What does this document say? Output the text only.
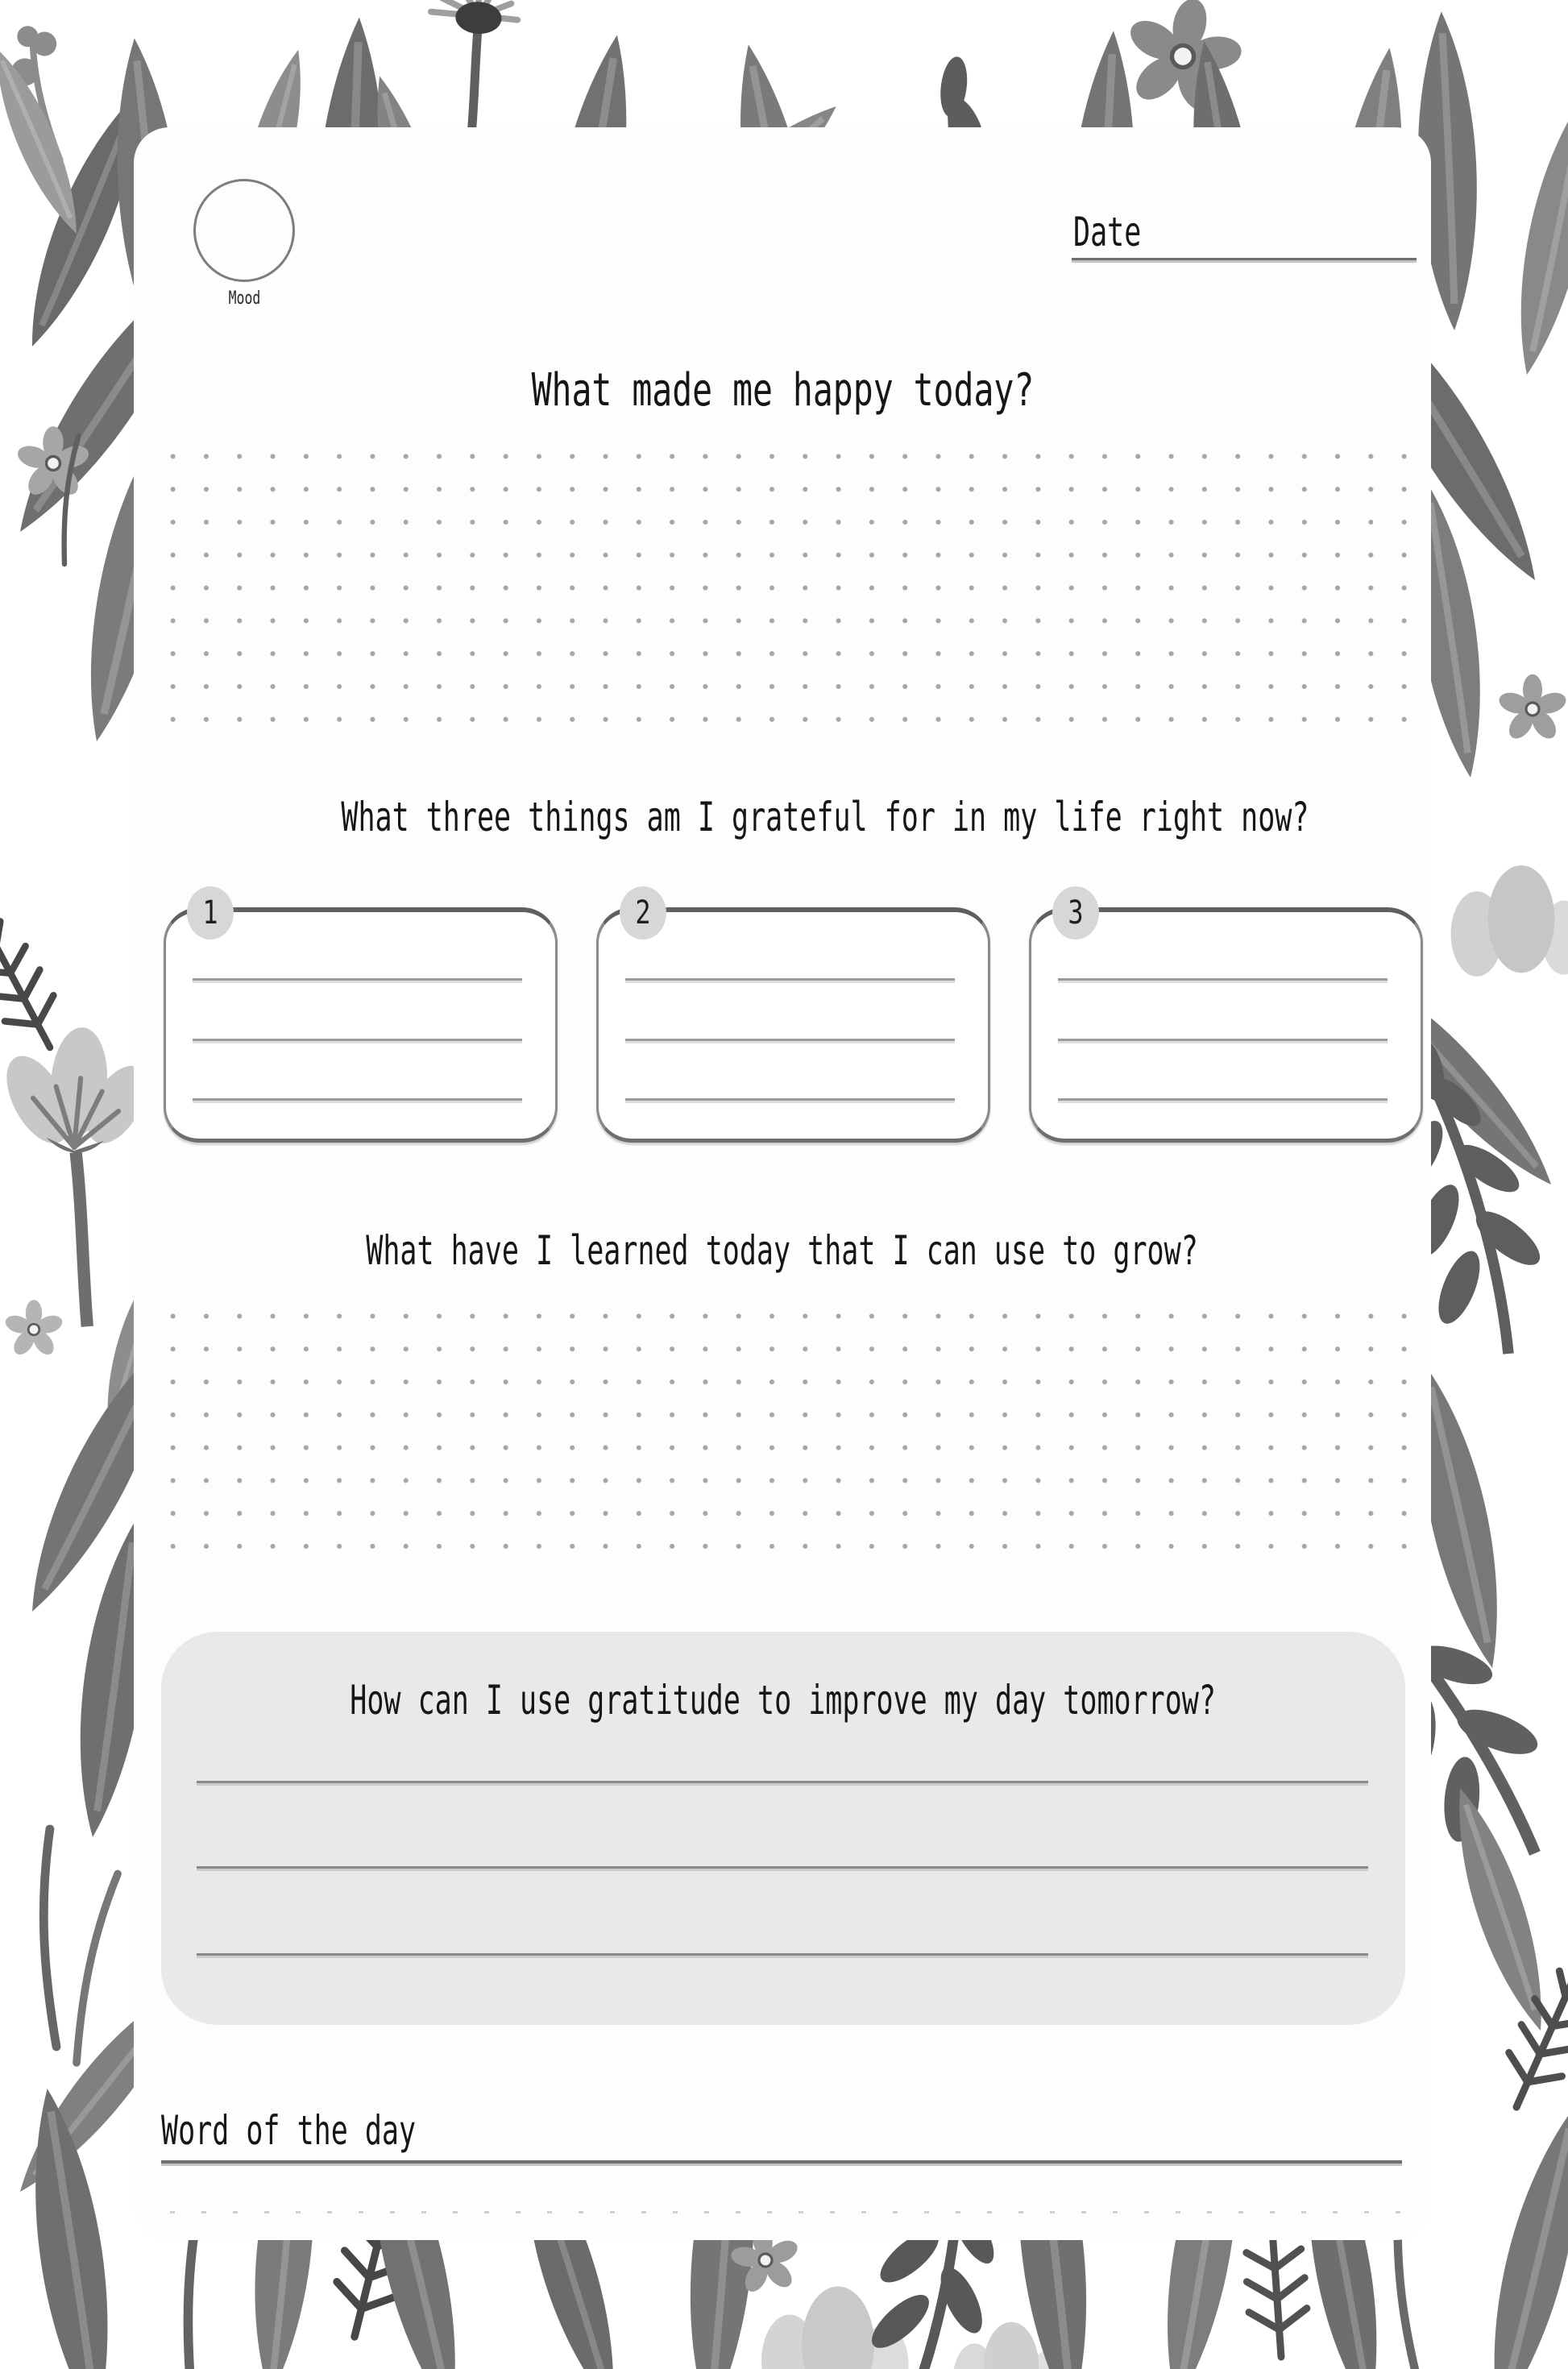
Mood
Date
What made me happy today?
What three things am I grateful for in my life right now?
1	2	3
What have I learned today that I can use to grow?
How can I use gratitude to improve my day tomorrow?
Word of the day
